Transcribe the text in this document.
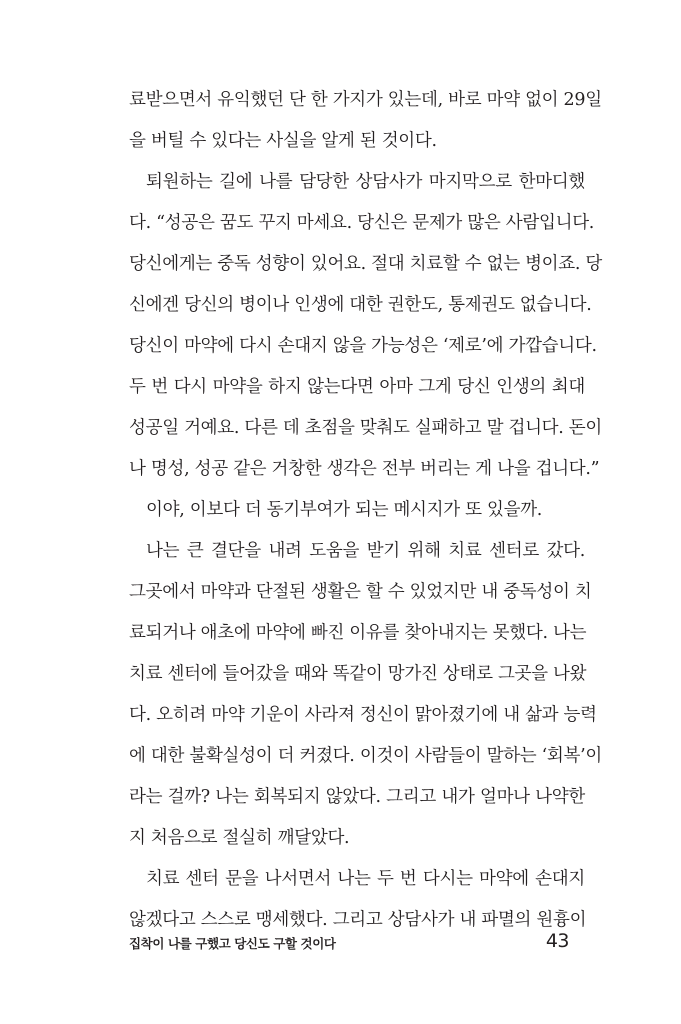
료받으면서 유익했던 단 한 가지가 있는데, 바로 마약 없이 29일
을 버틸 수 있다는 사실을 알게 된 것이다.
퇴원하는 길에 나를 담당한 상담사가 마지막으로 한마디했
다. “성공은 꿈도 꾸지 마세요. 당신은 문제가 많은 사람입니다.
당신에게는 중독 성향이 있어요. 절대 치료할 수 없는 병이죠. 당
신에겐 당신의 병이나 인생에 대한 권한도, 통제권도 없습니다.
당신이 마약에 다시 손대지 않을 가능성은 ‘제로’에 가깝습니다.
두 번 다시 마약을 하지 않는다면 아마 그게 당신 인생의 최대
성공일 거예요. 다른 데 초점을 맞춰도 실패하고 말 겁니다. 돈이
나 명성, 성공 같은 거창한 생각은 전부 버리는 게 나을 겁니다.”
이야, 이보다 더 동기부여가 되는 메시지가 또 있을까.
나는 큰 결단을 내려 도움을 받기 위해 치료 센터로 갔다.
그곳에서 마약과 단절된 생활은 할 수 있었지만 내 중독성이 치
료되거나 애초에 마약에 빠진 이유를 찾아내지는 못했다. 나는
치료 센터에 들어갔을 때와 똑같이 망가진 상태로 그곳을 나왔
다. 오히려 마약 기운이 사라져 정신이 맑아졌기에 내 삶과 능력
에 대한 불확실성이 더 커졌다. 이것이 사람들이 말하는 ‘회복’이
라는 걸까? 나는 회복되지 않았다. 그리고 내가 얼마나 나약한
지 처음으로 절실히 깨달았다.
치료 센터 문을 나서면서 나는 두 번 다시는 마약에 손대지
않겠다고 스스로 맹세했다. 그리고 상담사가 내 파멸의 원흉이
집착이 나를 구했고 당신도 구할 것이다	43
